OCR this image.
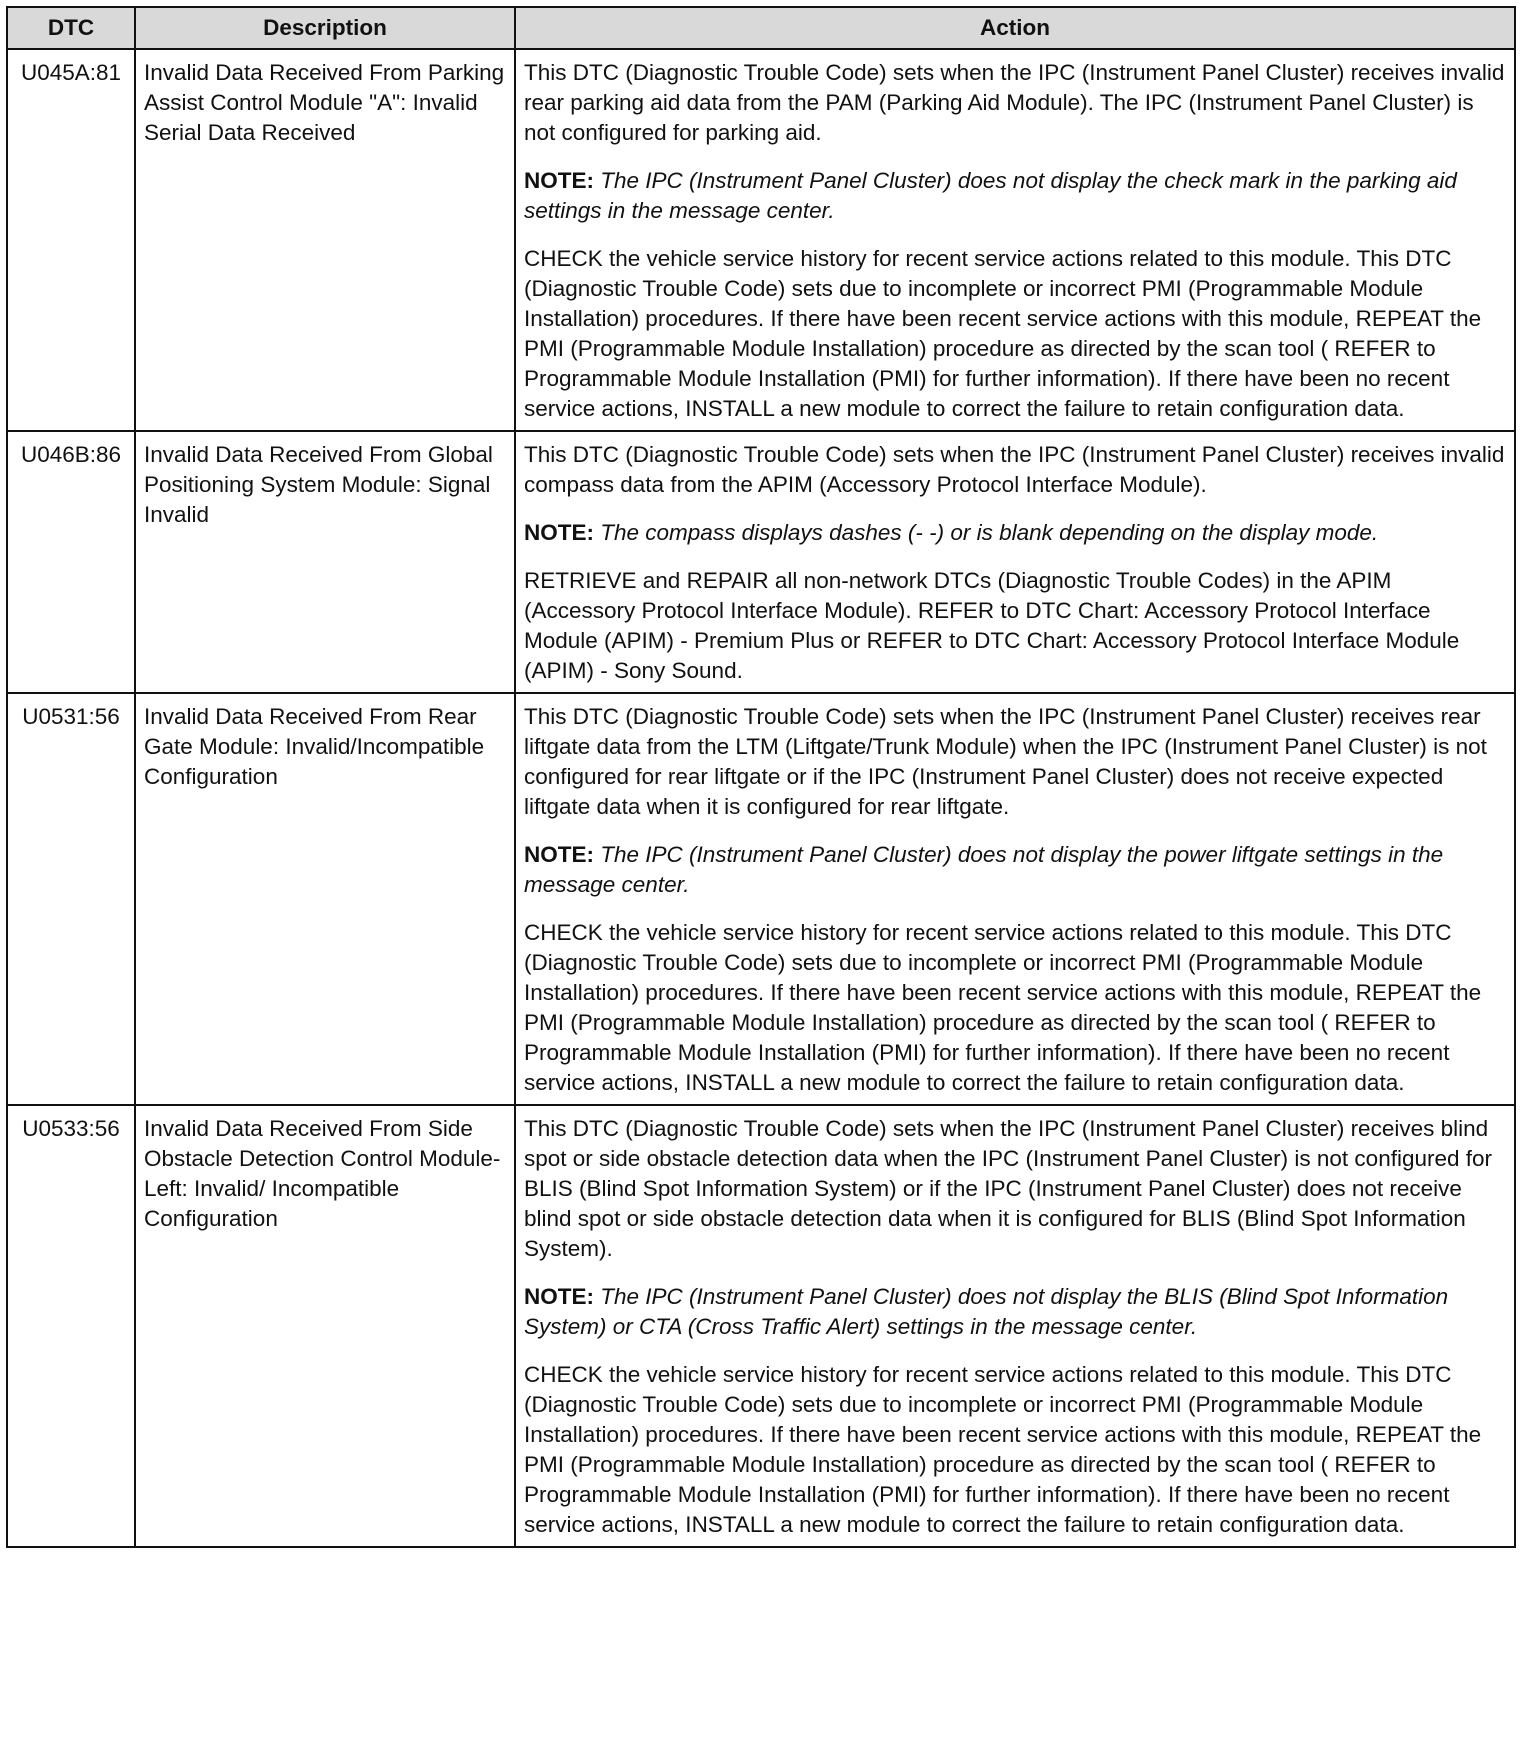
DTC	Description	Action
U045A:81	Invalid Data Received From Parking Assist Control Module "A": Invalid Serial Data Received	This DTC (Diagnostic Trouble Code) sets when the IPC (Instrument Panel Cluster) receives invalid rear parking aid data from the PAM (Parking Aid Module). The IPC (Instrument Panel Cluster) is not configured for parking aid.
NOTE: The IPC (Instrument Panel Cluster) does not display the check mark in the parking aid settings in the message center.
CHECK the vehicle service history for recent service actions related to this module. This DTC (Diagnostic Trouble Code) sets due to incomplete or incorrect PMI (Programmable Module Installation) procedures. If there have been recent service actions with this module, REPEAT the PMI (Programmable Module Installation) procedure as directed by the scan tool ( REFER to Programmable Module Installation (PMI) for further information). If there have been no recent service actions, INSTALL a new module to correct the failure to retain configuration data.

U046B:86	Invalid Data Received From Global Positioning System Module: Signal Invalid	This DTC (Diagnostic Trouble Code) sets when the IPC (Instrument Panel Cluster) receives invalid compass data from the APIM (Accessory Protocol Interface Module).
NOTE: The compass displays dashes (- -) or is blank depending on the display mode.
RETRIEVE and REPAIR all non-network DTCs (Diagnostic Trouble Codes) in the APIM (Accessory Protocol Interface Module). REFER to DTC Chart: Accessory Protocol Interface Module (APIM) - Premium Plus or REFER to DTC Chart: Accessory Protocol Interface Module (APIM) - Sony Sound.

U0531:56	Invalid Data Received From Rear Gate Module: Invalid/Incompatible Configuration	This DTC (Diagnostic Trouble Code) sets when the IPC (Instrument Panel Cluster) receives rear liftgate data from the LTM (Liftgate/Trunk Module) when the IPC (Instrument Panel Cluster) is not configured for rear liftgate or if the IPC (Instrument Panel Cluster) does not receive expected liftgate data when it is configured for rear liftgate.
NOTE: The IPC (Instrument Panel Cluster) does not display the power liftgate settings in the message center.
CHECK the vehicle service history for recent service actions related to this module. This DTC (Diagnostic Trouble Code) sets due to incomplete or incorrect PMI (Programmable Module Installation) procedures. If there have been recent service actions with this module, REPEAT the PMI (Programmable Module Installation) procedure as directed by the scan tool ( REFER to Programmable Module Installation (PMI) for further information). If there have been no recent service actions, INSTALL a new module to correct the failure to retain configuration data.

U0533:56	Invalid Data Received From Side Obstacle Detection Control Module-Left: Invalid/ Incompatible Configuration	This DTC (Diagnostic Trouble Code) sets when the IPC (Instrument Panel Cluster) receives blind spot or side obstacle detection data when the IPC (Instrument Panel Cluster) is not configured for BLIS (Blind Spot Information System) or if the IPC (Instrument Panel Cluster) does not receive blind spot or side obstacle detection data when it is configured for BLIS (Blind Spot Information System).
NOTE: The IPC (Instrument Panel Cluster) does not display the BLIS (Blind Spot Information System) or CTA (Cross Traffic Alert) settings in the message center.
CHECK the vehicle service history for recent service actions related to this module. This DTC (Diagnostic Trouble Code) sets due to incomplete or incorrect PMI (Programmable Module Installation) procedures. If there have been recent service actions with this module, REPEAT the PMI (Programmable Module Installation) procedure as directed by the scan tool ( REFER to Programmable Module Installation (PMI) for further information). If there have been no recent service actions, INSTALL a new module to correct the failure to retain configuration data.
